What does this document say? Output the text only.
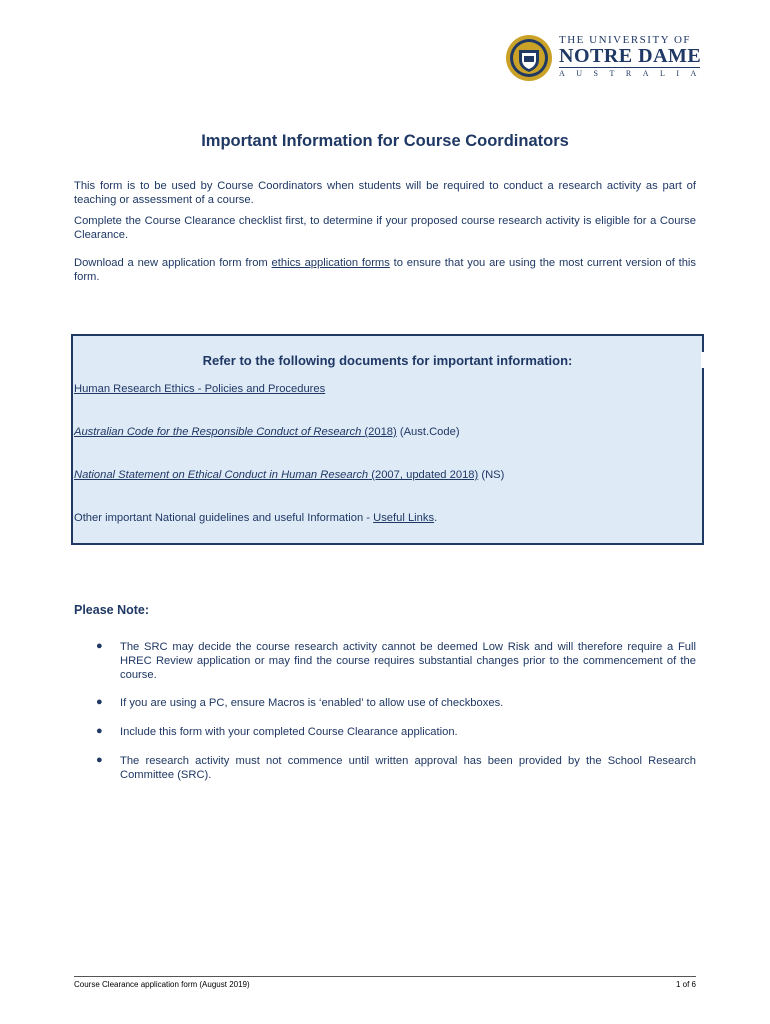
THE UNIVERSITY OF
NOTRE DAME
AUSTRALIA
Important Information for Course Coordinators
This form is to be used by Course Coordinators when students will be required to conduct a research activity as part of teaching or assessment of a course.
Complete the Course Clearance checklist first, to determine if your proposed course research activity is eligible for a Course Clearance.
Download a new application form from ethics application forms to ensure that you are using the most current version of this form.
Refer to the following documents for important information:
Human Research Ethics - Policies and Procedures
Australian Code for the Responsible Conduct of Research (2018) (Aust.Code)
National Statement on Ethical Conduct in Human Research (2007, updated 2018) (NS)
Other important National guidelines and useful Information - Useful Links.
Please Note:
● The SRC may decide the course research activity cannot be deemed Low Risk and will therefore require a Full HREC Review application or may find the course requires substantial changes prior to the commencement of the course.
● If you are using a PC, ensure Macros is ‘enabled’ to allow use of checkboxes.
● Include this form with your completed Course Clearance application.
● The research activity must not commence until written approval has been provided by the School Research Committee (SRC).
Course Clearance application form (August 2019)	1 of 6
